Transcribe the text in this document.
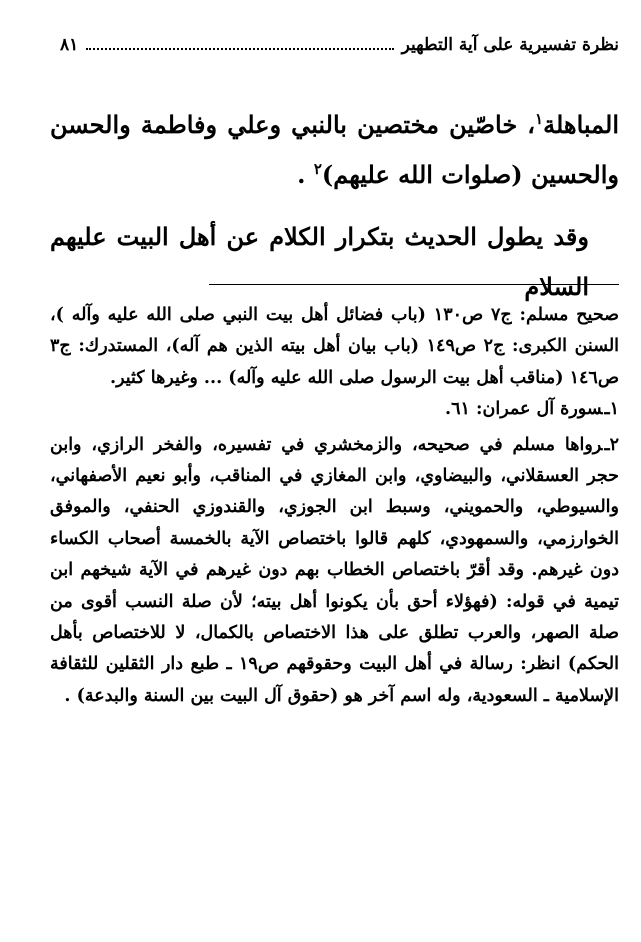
نظرة تفسيرية على آية التطهير
٨١

المباهلة$^١$، خاصّين مختصين بالنبي وعلي وفاطمة والحسن والحسين (صلوات الله عليهم)$^٢$ .

وقد يطول الحديث بتكرار الكلام عن أهل البيت عليهم السلام

صحيح مسلم: ج٧ ص١٣٠ (باب فضائل أهل بيت النبي صلى الله عليه وآله )، السنن الكبرى: ج٢ ص١٤٩ (باب بيان أهل بيته الذين هم آله)، المستدرك: ج٣ ص١٤٦ (مناقب أهل بيت الرسول صلى الله عليه وآله) ... وغيرها كثير.

١ـسورة آل عمران: ٦١.

٢ـرواها مسلم في صحيحه، والزمخشري في تفسيره، والفخر الرازي، وابن حجر العسقلاني، والبيضاوي، وابن المغازي في المناقب، وأبو نعيم الأصفهاني، والسيوطي، والحمويني، وسبط ابن الجوزي، والقندوزي الحنفي، والموفق الخوارزمي، والسمهودي، كلهم قالوا باختصاص الآية بالخمسة أصحاب الكساء دون غيرهم. وقد أقرّ باختصاص الخطاب بهم دون غيرهم في الآية شيخهم ابن تيمية في قوله: (فهؤلاء أحق بأن يكونوا أهل بيته؛ لأن صلة النسب أقوى من صلة الصهر، والعرب تطلق على هذا الاختصاص بالكمال، لا للاختصاص بأهل الحكم) انظر: رسالة في أهل البيت وحقوقهم ص١٩ ـ طبع دار الثقلين للثقافة الإسلامية ـ السعودية، وله اسم آخر هو (حقوق آل البيت بين السنة والبدعة) .
